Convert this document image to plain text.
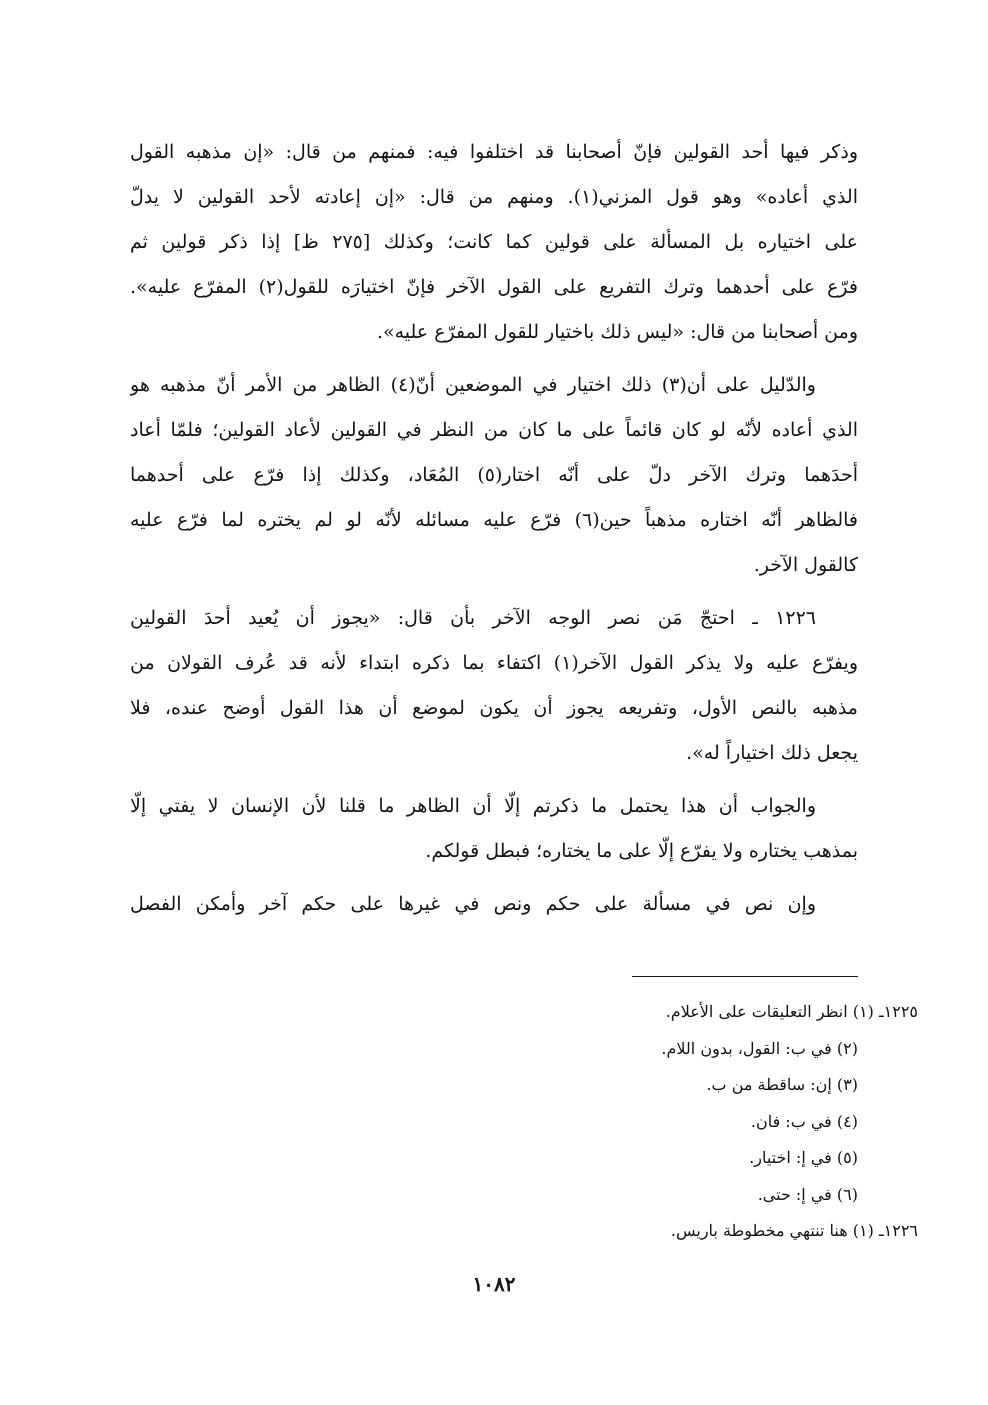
وذكر فيها أحد القولين فإنّ أصحابنا قد اختلفوا فيه: فمنهم من قال: «إن مذهبه القول
الذي أعاده» وهو قول المزني(١). ومنهم من قال: «إن إعادته لأحد القولين لا يدلّ
على اختياره بل المسألة على قولين كما كانت؛ وكذلك [٢٧٥ ظ] إذا ذكر قولين ثم
فرّع على أحدهما وترك التفريع على القول الآخر فإنّ اختيارَه للقول(٢) المفرّع عليه».
ومن أصحابنا من قال: «ليس ذلك باختيار للقول المفرّع عليه».
والدّليل على أن(٣) ذلك اختيار في الموضعين أنّ(٤) الظاهر من الأمر أنّ مذهبه هو
الذي أعاده لأنّه لو كان قائماً على ما كان من النظر في القولين لأعاد القولين؛ فلمّا أعاد
أحدَهما وترك الآخر دلّ على أنّه اختار(٥) المُعَاد، وكذلك إذا فرّع على أحدهما
فالظاهر أنّه اختاره مذهباً حين(٦) فرّع عليه مسائله لأنّه لو لم يختره لما فرّع عليه
كالقول الآخر.
١٢٢٦ ـ احتجّ مَن نصر الوجه الآخر بأن قال: «يجوز أن يُعيد أحدَ القولين
ويفرّع عليه ولا يذكر القول الآخر(١) اكتفاء بما ذكره ابتداء لأنه قد عُرف القولان من
مذهبه بالنص الأول، وتفريعه يجوز أن يكون لموضع أن هذا القول أوضح عنده، فلا
يجعل ذلك اختياراً له».
والجواب أن هذا يحتمل ما ذكرتم إلّا أن الظاهر ما قلنا لأن الإنسان لا يفتي إلّا
بمذهب يختاره ولا يفرّع إلّا على ما يختاره؛ فبطل قولكم.
وإن نص في مسألة على حكم ونص في غيرها على حكم آخر وأمكن الفصل
١٢٢٥ـ (١) انظر التعليقات على الأعلام.
(٢) في ب: القول، بدون اللام.
(٣) إن: ساقطة من ب.
(٤) في ب: فان.
(٥) في إ: اختيار.
(٦) في إ: حتى.
١٢٢٦ـ (١) هنا تنتهي مخطوطة باريس.
١٠٨٢
